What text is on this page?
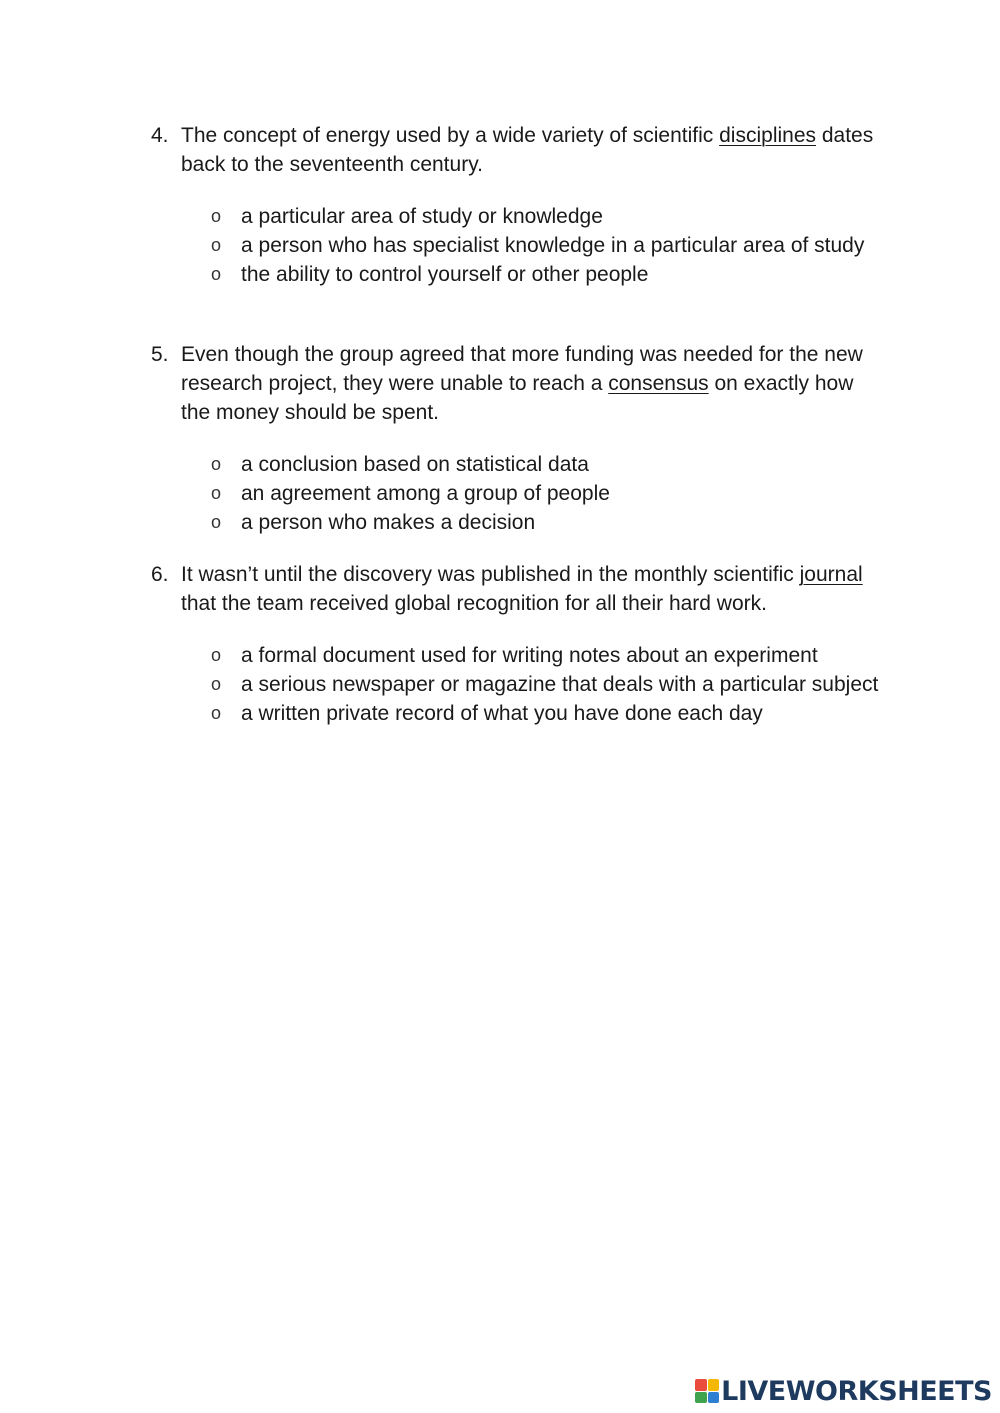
4. The concept of energy used by a wide variety of scientific disciplines dates back to the seventeenth century.
o a particular area of study or knowledge
o a person who has specialist knowledge in a particular area of study
o the ability to control yourself or other people
5. Even though the group agreed that more funding was needed for the new research project, they were unable to reach a consensus on exactly how the money should be spent.
o a conclusion based on statistical data
o an agreement among a group of people
o a person who makes a decision
6. It wasn’t until the discovery was published in the monthly scientific journal that the team received global recognition for all their hard work.
o a formal document used for writing notes about an experiment
o a serious newspaper or magazine that deals with a particular subject
o a written private record of what you have done each day
LIVEWORKSHEETS
